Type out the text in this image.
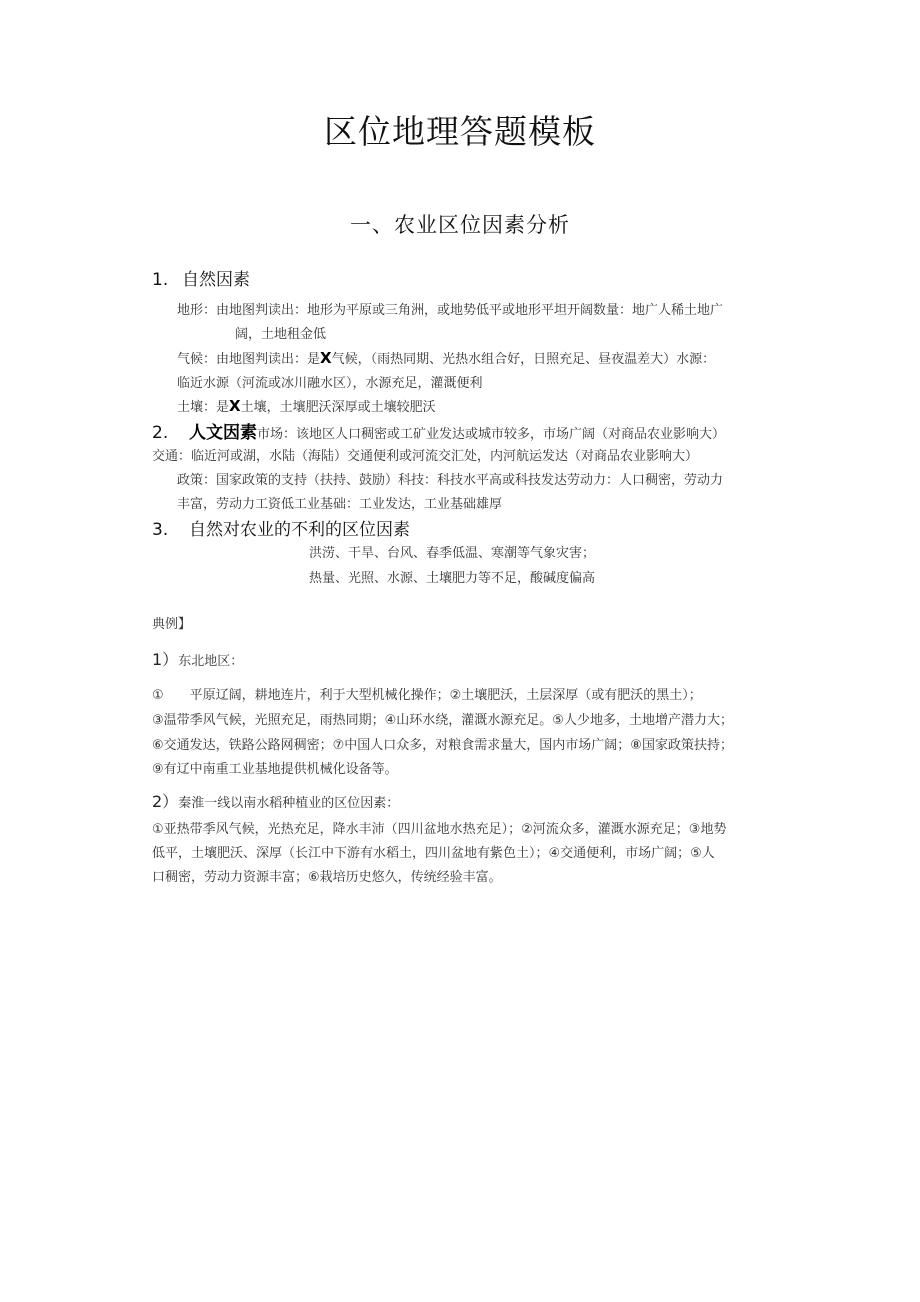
区位地理答题模板
一、农业区位因素分析
1. 自然因素
地形：由地图判读出：地形为平原或三角洲，或地势低平或地形平坦开阔数量：地广人稀土地广
阔，土地租金低
气候：由地图判读出：是X气候，（雨热同期、光热水组合好，日照充足、昼夜温差大）水源：
临近水源（河流或冰川融水区），水源充足，灌溉便利
土壤：是X土壤，土壤肥沃深厚或土壤较肥沃
2. 人文因素市场：该地区人口稠密或工矿业发达或城市较多，市场广阔（对商品农业影响大）
交通：临近河或湖，水陆（海陆）交通便利或河流交汇处，内河航运发达（对商品农业影响大）
政策：国家政策的支持（扶持、鼓励）科技：科技水平高或科技发达劳动力：人口稠密，劳动力
丰富，劳动力工资低工业基础：工业发达，工业基础雄厚
3. 自然对农业的不利的区位因素
洪涝、干旱、台风、春季低温、寒潮等气象灾害；
热量、光照、水源、土壤肥力等不足，酸碱度偏高
典例】
1）东北地区：
①　　平原辽阔，耕地连片，利于大型机械化操作；②土壤肥沃，土层深厚（或有肥沃的黑土）；
③温带季风气候，光照充足，雨热同期；④山环水绕，灌溉水源充足。⑤人少地多，土地增产潜力大；
⑥交通发达，铁路公路网稠密；⑦中国人口众多，对粮食需求量大，国内市场广阔；⑧国家政策扶持；
⑨有辽中南重工业基地提供机械化设备等。
2）秦淮一线以南水稻种植业的区位因素：
①亚热带季风气候，光热充足，降水丰沛（四川盆地水热充足）；②河流众多，灌溉水源充足；③地势
低平，土壤肥沃、深厚（长江中下游有水稻土，四川盆地有紫色土）；④交通便利，市场广阔；⑤人
口稠密，劳动力资源丰富；⑥栽培历史悠久，传统经验丰富。
